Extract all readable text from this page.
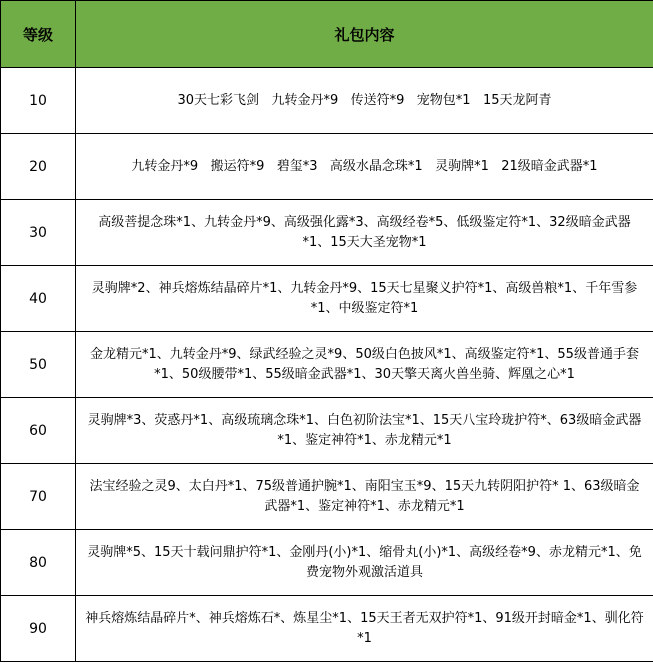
等级	礼包内容
10	30天七彩飞剑   九转金丹*9   传送符*9   宠物包*1   15天龙阿青
20	九转金丹*9   搬运符*9   碧玺*3   高级水晶念珠*1   灵驹牌*1   21级暗金武器*1
30	高级菩提念珠*1、九转金丹*9、高级强化露*3、高级经卷*5、低级鉴定符*1、32级暗金武器*1、15天大圣宠物*1
40	灵驹牌*2、神兵熔炼结晶碎片*1、九转金丹*9、15天七星聚义护符*1、高级兽粮*1、千年雪参*1、中级鉴定符*1
50	金龙精元*1、九转金丹*9、绿武经验之灵*9、50级白色披风*1、高级鉴定符*1、55级普通手套*1、50级腰带*1、55级暗金武器*1、30天擎天离火兽坐骑、辉凰之心*1
60	灵驹牌*3、荧惑丹*1、高级琉璃念珠*1、白色初阶法宝*1、15天八宝玲珑护符*、63级暗金武器*1、鉴定神符*1、赤龙精元*1
70	法宝经验之灵9、太白丹*1、75级普通护腕*1、南阳宝玉*9、15天九转阴阳护符* 1、63级暗金武器*1、鉴定神符*1、赤龙精元*1
80	灵驹牌*5、15天十载问鼎护符*1、金刚丹(小)*1、缩骨丸(小)*1、高级经卷*9、赤龙精元*1、免费宠物外观激活道具
90	神兵熔炼结晶碎片*、神兵熔炼石*、炼星尘*1、15天王者无双护符*1、91级开封暗金*1、驯化符*1
